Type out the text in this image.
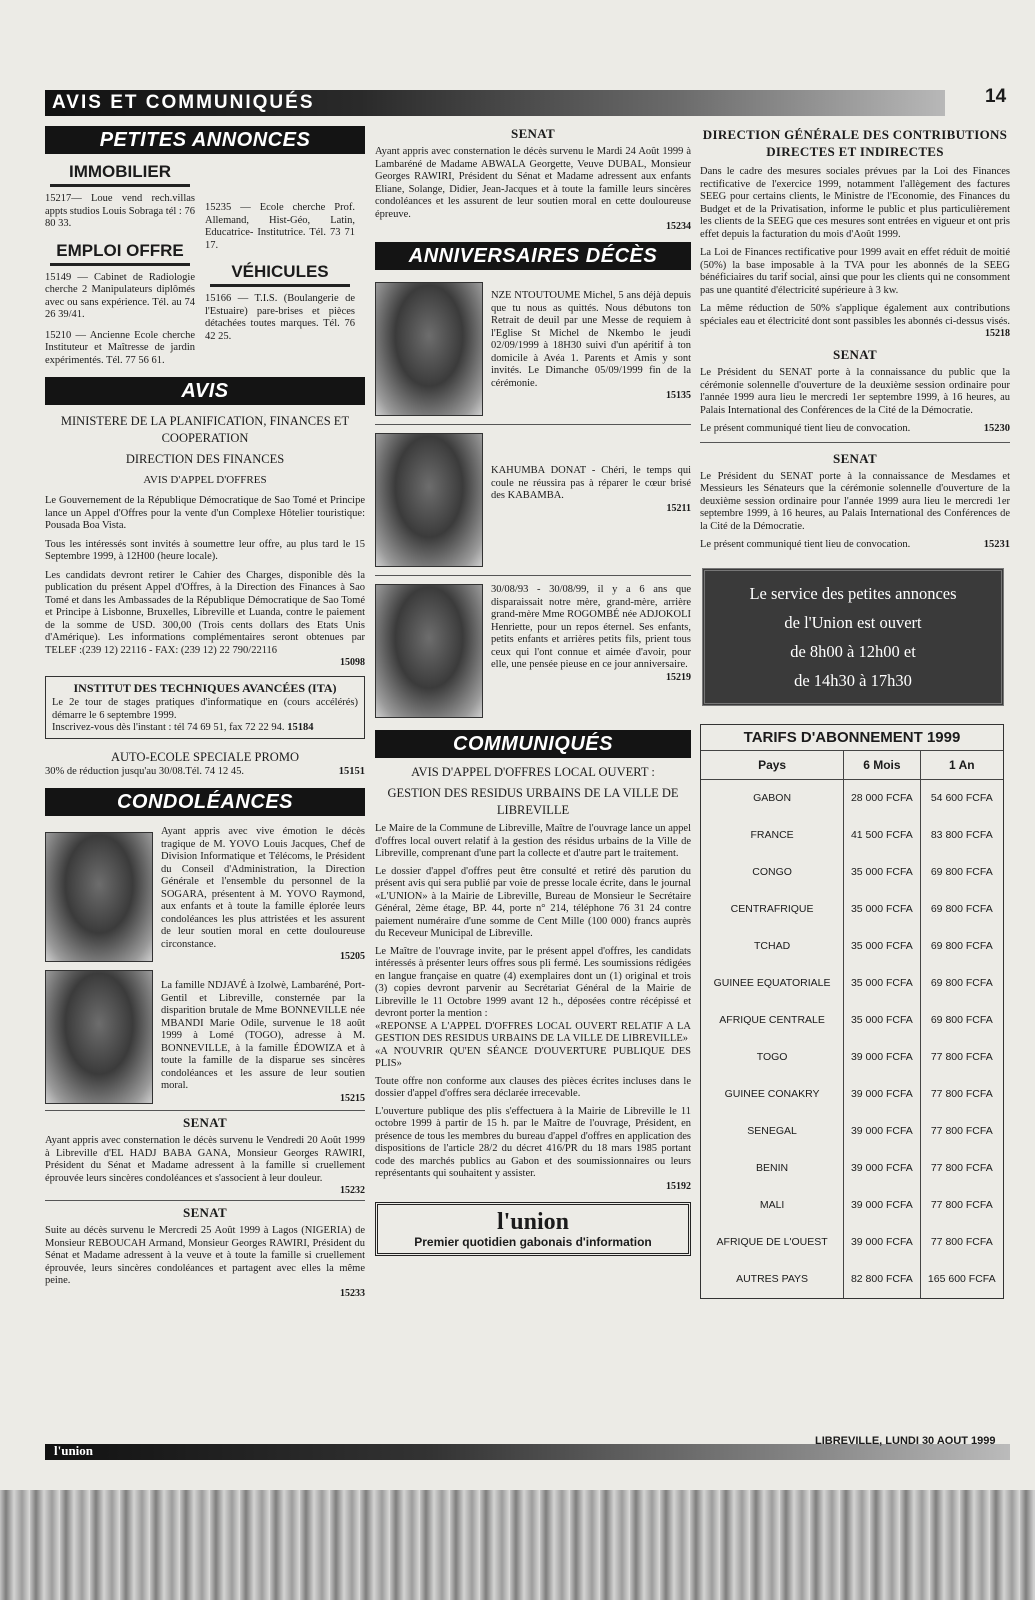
AVIS ET COMMUNIQUÉS	14
PETITES ANNONCES
IMMOBILIER
15217— Loue vend rech.villas appts studios Louis Sobraga tél : 76 80 33.
EMPLOI OFFRE
15149 — Cabinet de Radiologie cherche 2 Manipulateurs diplômés avec ou sans expérience. Tél. au 74 26 39/41.
15210 — Ancienne Ecole cherche Instituteur et Maîtresse de jardin expérimentés. Tél. 77 56 61.
15235 — Ecole cherche Prof. Allemand, Hist-Géo, Latin, Educatrice- Institutrice. Tél. 73 71 17.
VÉHICULES
15166 — T.I.S. (Boulangerie de l'Estuaire) pare-brises et pièces détachées toutes marques. Tél. 76 42 25.
AVIS
MINISTERE DE LA PLANIFICATION, FINANCES ET COOPERATION
DIRECTION DES FINANCES
AVIS D'APPEL D'OFFRES
Le Gouvernement de la République Démocratique de Sao Tomé et Principe lance un Appel d'Offres pour la vente d'un Complexe Hôtelier touristique: Pousada Boa Vista.
Tous les intéressés sont invités à soumettre leur offre, au plus tard le 15 Septembre 1999, à 12H00 (heure locale).
Les candidats devront retirer le Cahier des Charges, disponible dès la publication du présent Appel d'Offres, à la Direction des Finances à Sao Tomé et dans les Ambassades de la République Démocratique de Sao Tomé et Principe à Lisbonne, Bruxelles, Libreville et Luanda, contre le paiement de la somme de USD. 300,00 (Trois cents dollars des Etats Unis d'Amérique). Les informations complémentaires seront obtenues par TELEF :(239 12) 22116 - FAX: (239 12) 22 790/22116
15098
INSTITUT DES TECHNIQUES AVANCÉES (ITA)
Le 2e tour de stages pratiques d'informatique en (cours accélérés) démarre le 6 septembre 1999.
Inscrivez-vous dès l'instant : tél 74 69 51, fax 72 22 94. 15184
AUTO-ECOLE SPECIALE PROMO
30% de réduction jusqu'au 30/08.Tél. 74 12 45.	15151
CONDOLÉANCES
Ayant appris avec vive émotion le décès tragique de M. YOVO Louis Jacques, Chef de Division Informatique et Télécoms, le Président du Conseil d'Administration, la Direction Générale et l'ensemble du personnel de la SOGARA, présentent à M. YOVO Raymond, aux enfants et à toute la famille éplorée leurs condoléances les plus attristées et les assurent de leur soutien moral en cette douloureuse circonstance.
15205
La famille NDJAVÉ à Izolwè, Lambaréné, Port-Gentil et Libreville, consternée par la disparition brutale de Mme BONNEVILLE née MBANDI Marie Odile, survenue le 18 août 1999 à Lomé (TOGO), adresse à M. BONNEVILLE, à la famille ÉDOWIZA et à toute la famille de la disparue ses sincères condoléances et les assure de leur soutien moral.
15215
SENAT
Ayant appris avec consternation le décès survenu le Vendredi 20 Août 1999 à Libreville d'EL HADJ BABA GANA, Monsieur Georges RAWIRI, Président du Sénat et Madame adressent à la famille si cruellement éprouvée leurs sincères condoléances et s'associent à leur douleur.
15232
SENAT
Suite au décès survenu le Mercredi 25 Août 1999 à Lagos (NIGERIA) de Monsieur REBOUCAH Armand, Monsieur Georges RAWIRI, Président du Sénat et Madame adressent à la veuve et à toute la famille si cruellement éprouvée, leurs sincères condoléances et partagent avec elles la même peine.
15233
SENAT
Ayant appris avec consternation le décès survenu le Mardi 24 Août 1999 à Lambaréné de Madame ABWALA Georgette, Veuve DUBAL, Monsieur Georges RAWIRI, Président du Sénat et Madame adressent aux enfants Eliane, Solange, Didier, Jean-Jacques et à toute la famille leurs sincères condoléances et les assurent de leur soutien moral en cette douloureuse épreuve.
15234
ANNIVERSAIRES DÉCÈS
NZE NTOUTOUME Michel, 5 ans déjà depuis que tu nous as quittés. Nous débutons ton Retrait de deuil par une Messe de requiem à l'Eglise St Michel de Nkembo le jeudi 02/09/1999 à 18H30 suivi d'un apéritif à ton domicile à Avéa 1. Parents et Amis y sont invités. Le Dimanche 05/09/1999 fin de la cérémonie.
15135
KAHUMBA DONAT - Chéri, le temps qui coule ne réussira pas à réparer le cœur brisé des KABAMBA.
15211
30/08/93 - 30/08/99, il y a 6 ans que disparaissait notre mère, grand-mère, arrière grand-mère Mme ROGOMBÉ née ADJOKOLI Henriette, pour un repos éternel. Ses enfants, petits enfants et arrières petits fils, prient tous ceux qui l'ont connue et aimée d'avoir, pour elle, une pensée pieuse en ce jour anniversaire.
15219
COMMUNIQUÉS
AVIS D'APPEL D'OFFRES LOCAL OUVERT :
GESTION DES RESIDUS URBAINS DE LA VILLE DE LIBREVILLE
Le Maire de la Commune de Libreville, Maître de l'ouvrage lance un appel d'offres local ouvert relatif à la gestion des résidus urbains de la Ville de Libreville, comprenant d'une part la collecte et d'autre part le traitement.
Le dossier d'appel d'offres peut être consulté et retiré dès parution du présent avis qui sera publié par voie de presse locale écrite, dans le journal «L'UNION» à la Mairie de Libreville, Bureau de Monsieur le Secrétaire Général, 2ème étage, BP. 44, porte n° 214, téléphone 76 31 24 contre paiement numéraire d'une somme de Cent Mille (100 000) francs auprès du Receveur Municipal de Libreville.
Le Maître de l'ouvrage invite, par le présent appel d'offres, les candidats intéressés à présenter leurs offres sous pli fermé. Les soumissions rédigées en langue française en quatre (4) exemplaires dont un (1) original et trois (3) copies devront parvenir au Secrétariat Général de la Mairie de Libreville le 11 Octobre 1999 avant 12 h., déposées contre récépissé et devront porter la mention :
«REPONSE A L'APPEL D'OFFRES LOCAL OUVERT RELATIF A LA GESTION DES RESIDUS URBAINS DE LA VILLE DE LIBREVILLE»
«A N'OUVRIR QU'EN SÉANCE D'OUVERTURE PUBLIQUE DES PLIS»
Toute offre non conforme aux clauses des pièces écrites incluses dans le dossier d'appel d'offres sera déclarée irrecevable.
L'ouverture publique des plis s'effectuera à la Mairie de Libreville le 11 octobre 1999 à partir de 15 h. par le Maître de l'ouvrage, Président, en présence de tous les membres du bureau d'appel d'offres en application des dispositions de l'article 28/2 du décret 416/PR du 18 mars 1985 portant code des marchés publics au Gabon et des soumissionnaires ou leurs représentants qui souhaitent y assister.
15192
l'union
Premier quotidien gabonais d'information
DIRECTION GÉNÉRALE DES CONTRIBUTIONS DIRECTES ET INDIRECTES
Dans le cadre des mesures sociales prévues par la Loi des Finances rectificative de l'exercice 1999, notamment l'allègement des factures SEEG pour certains clients, le Ministre de l'Economie, des Finances du Budget et de la Privatisation, informe le public et plus particulièrement les clients de la SEEG que ces mesures sont entrées en vigueur et ont pris effet depuis la facturation du mois d'Août 1999.
La Loi de Finances rectificative pour 1999 avait en effet réduit de moitié (50%) la base imposable à la TVA pour les abonnés de la SEEG bénéficiaires du tarif social, ainsi que pour les clients qui ne consomment pas une quantité d'électricité supérieure à 3 kw.
La même réduction de 50% s'applique également aux contributions spéciales eau et électricité dont sont passibles les abonnés ci-dessus visés.
15218
SENAT
Le Président du SENAT porte à la connaissance du public que la cérémonie solennelle d'ouverture de la deuxième session ordinaire pour l'année 1999 aura lieu le mercredi 1er septembre 1999, à 16 heures, au Palais International des Conférences de la Cité de la Démocratie.
Le présent communiqué tient lieu de convocation.	15230
SENAT
Le Président du SENAT porte à la connaissance de Mesdames et Messieurs les Sénateurs que la cérémonie solennelle d'ouverture de la deuxième session ordinaire pour l'année 1999 aura lieu le mercredi 1er septembre 1999, à 16 heures, au Palais International des Conférences de la Cité de la Démocratie.
Le présent communiqué tient lieu de convocation.	15231
Le service des petites annonces
de l'Union est ouvert
de 8h00 à 12h00 et
de 14h30 à 17h30
TARIFS D'ABONNEMENT 1999
Pays	6 Mois	1 An
GABON	28 000 FCFA	54 600 FCFA
FRANCE	41 500 FCFA	83 800 FCFA
CONGO	35 000 FCFA	69 800 FCFA
CENTRAFRIQUE	35 000 FCFA	69 800 FCFA
TCHAD	35 000 FCFA	69 800 FCFA
GUINEE EQUATORIALE	35 000 FCFA	69 800 FCFA
AFRIQUE CENTRALE	35 000 FCFA	69 800 FCFA
TOGO	39 000 FCFA	77 800 FCFA
GUINEE CONAKRY	39 000 FCFA	77 800 FCFA
SENEGAL	39 000 FCFA	77 800 FCFA
BENIN	39 000 FCFA	77 800 FCFA
MALI	39 000 FCFA	77 800 FCFA
AFRIQUE DE L'OUEST	39 000 FCFA	77 800 FCFA
AUTRES PAYS	82 800 FCFA	165 600 FCFA
l'union
LIBREVILLE, LUNDI 30 AOUT 1999
